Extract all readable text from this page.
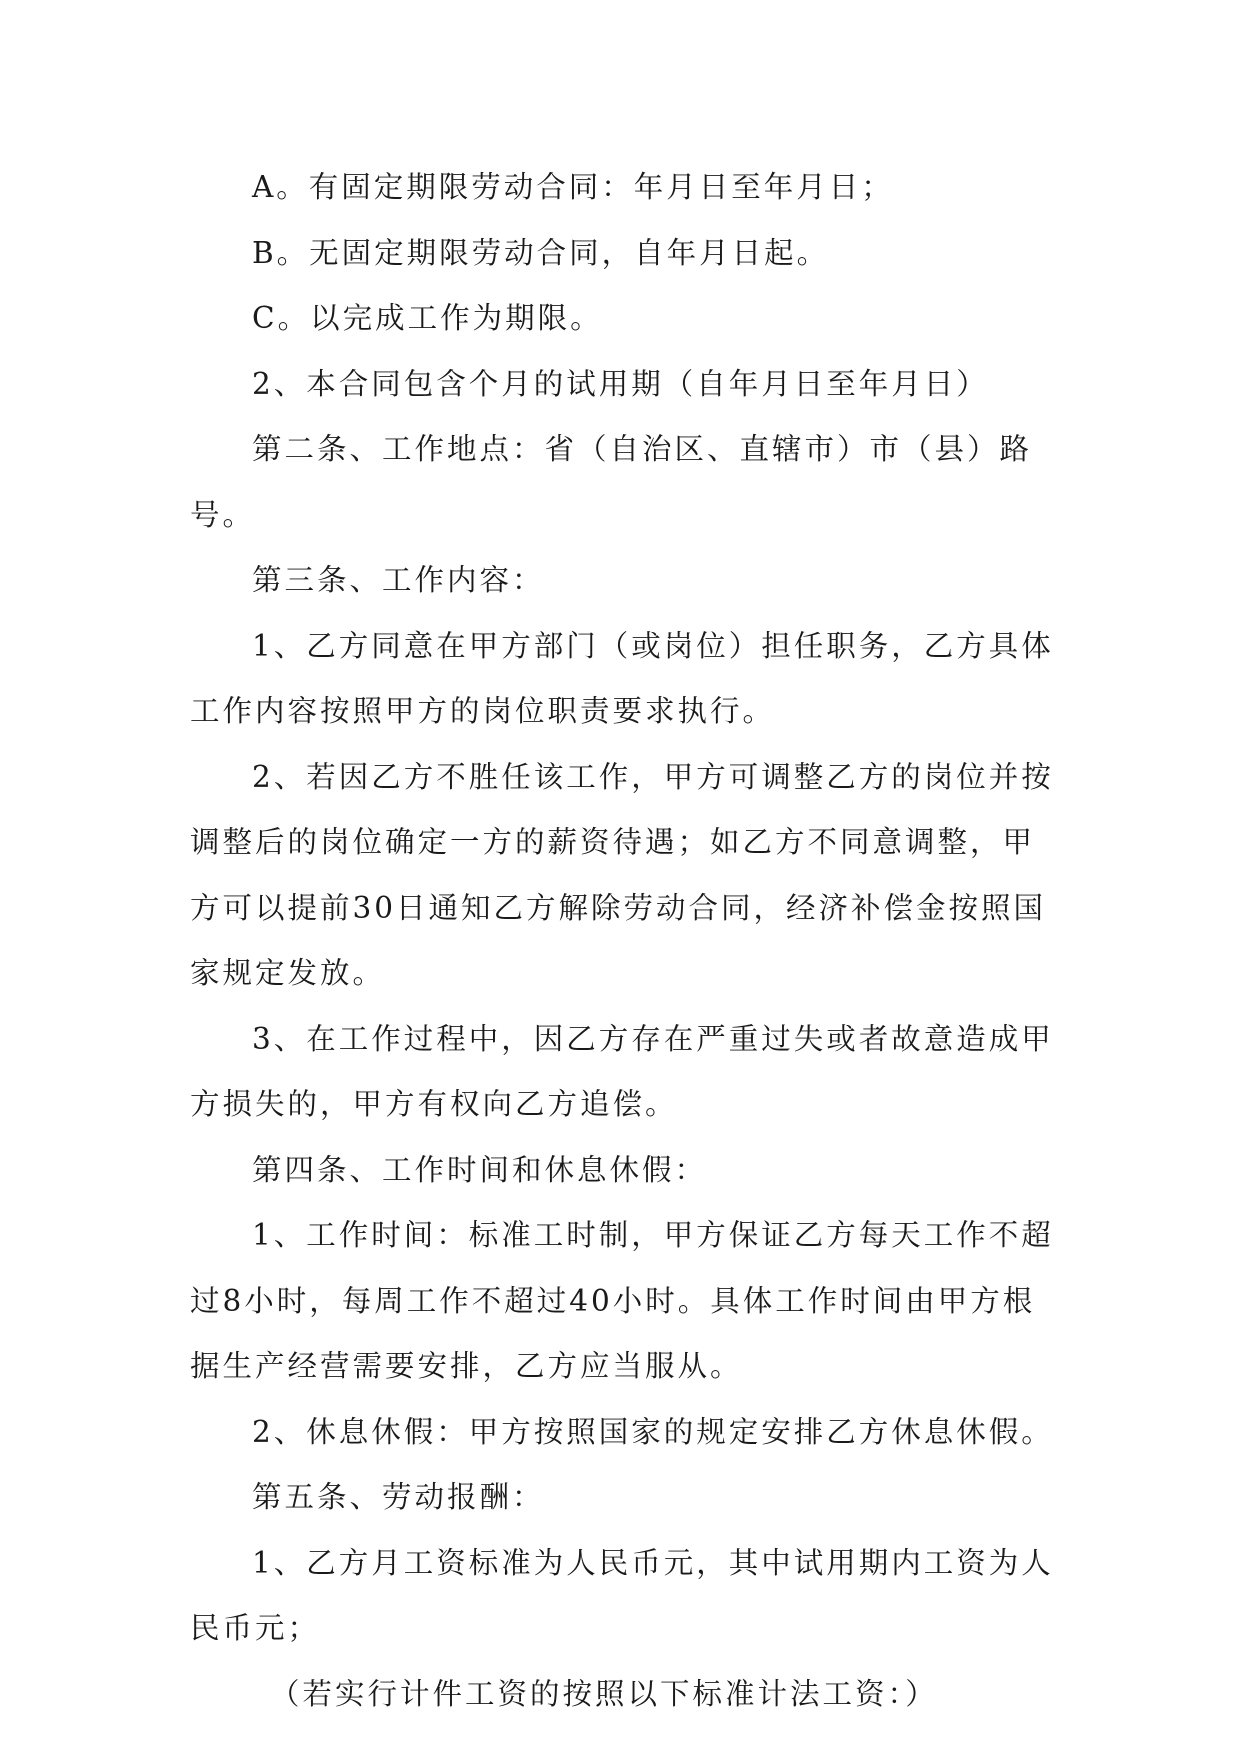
A。有固定期限劳动合同：年月日至年月日；

B。无固定期限劳动合同，自年月日起。

C。以完成工作为期限。

2、本合同包含个月的试用期（自年月日至年月日）

第二条、工作地点：省（自治区、直辖市）市（县）路号。

第三条、工作内容：

1、乙方同意在甲方部门（或岗位）担任职务，乙方具体工作内容按照甲方的岗位职责要求执行。

2、若因乙方不胜任该工作，甲方可调整乙方的岗位并按调整后的岗位确定一方的薪资待遇；如乙方不同意调整，甲方可以提前30日通知乙方解除劳动合同，经济补偿金按照国家规定发放。

3、在工作过程中，因乙方存在严重过失或者故意造成甲方损失的，甲方有权向乙方追偿。

第四条、工作时间和休息休假：

1、工作时间：标准工时制，甲方保证乙方每天工作不超过8小时，每周工作不超过40小时。具体工作时间由甲方根据生产经营需要安排，乙方应当服从。

2、休息休假：甲方按照国家的规定安排乙方休息休假。

第五条、劳动报酬：

1、乙方月工资标准为人民币元，其中试用期内工资为人民币元；

（若实行计件工资的按照以下标准计法工资：）
